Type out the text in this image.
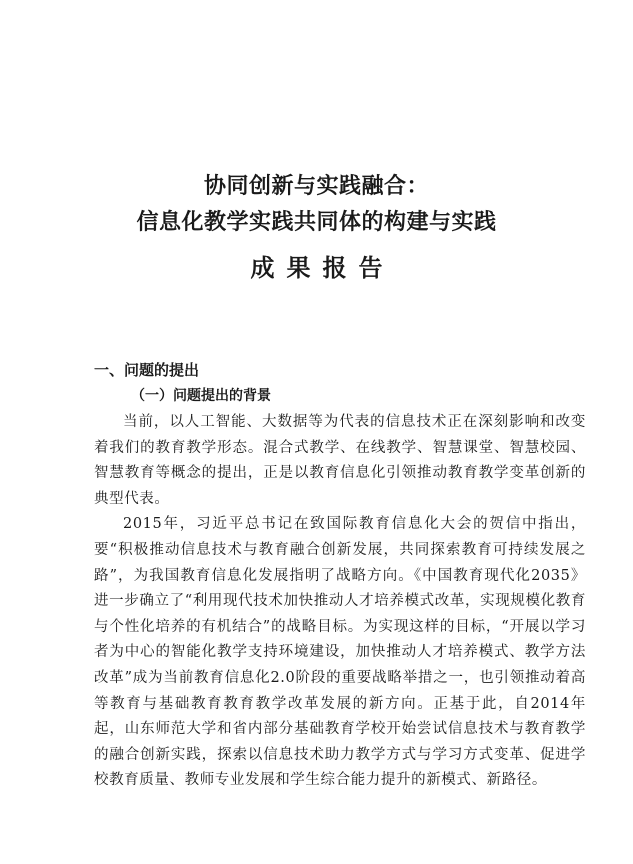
协同创新与实践融合：
信息化教学实践共同体的构建与实践
成果报告
一、问题的提出
（一）问题提出的背景

当前，以人工智能、大数据等为代表的信息技术正在深刻影响和改变着我们的教育教学形态。混合式教学、在线教学、智慧课堂、智慧校园、智慧教育等概念的提出，正是以教育信息化引领推动教育教学变革创新的典型代表。

2015年，习近平总书记在致国际教育信息化大会的贺信中指出，要“积极推动信息技术与教育融合创新发展，共同探索教育可持续发展之路”，为我国教育信息化发展指明了战略方向。《中国教育现代化2035》进一步确立了“利用现代技术加快推动人才培养模式改革，实现规模化教育与个性化培养的有机结合”的战略目标。为实现这样的目标，“开展以学习者为中心的智能化教学支持环境建设，加快推动人才培养模式、教学方法改革”成为当前教育信息化2.0阶段的重要战略举措之一，也引领推动着高等教育与基础教育教育教学改革发展的新方向。正基于此，自2014年起，山东师范大学和省内部分基础教育学校开始尝试信息技术与教育教学的融合创新实践，探索以信息技术助力教学方式与学习方式变革、促进学校教育质量、教师专业发展和学生综合能力提升的新模式、新路径。
